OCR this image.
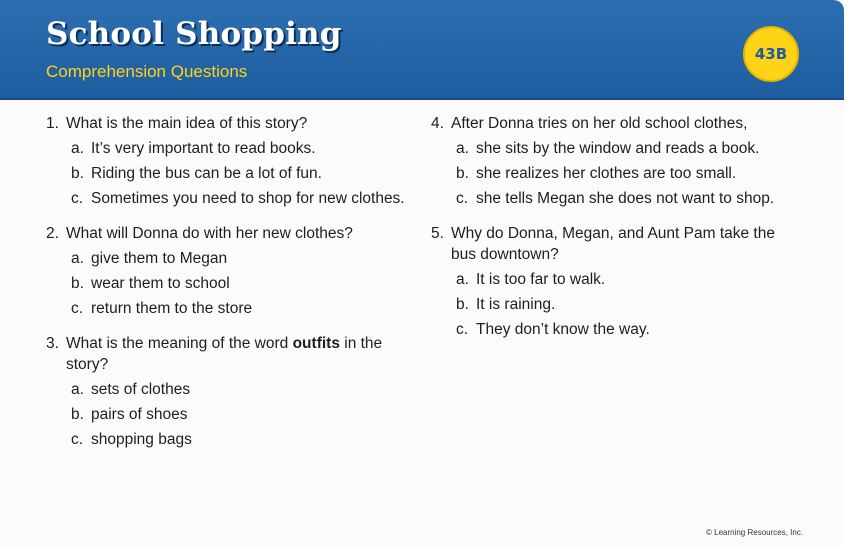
School Shopping
Comprehension Questions
43B
1. What is the main idea of this story?
a. It’s very important to read books.
b. Riding the bus can be a lot of fun.
c. Sometimes you need to shop for new clothes.
2. What will Donna do with her new clothes?
a. give them to Megan
b. wear them to school
c. return them to the store
3. What is the meaning of the word outfits in the story?
a. sets of clothes
b. pairs of shoes
c. shopping bags
4. After Donna tries on her old school clothes,
a. she sits by the window and reads a book.
b. she realizes her clothes are too small.
c. she tells Megan she does not want to shop.
5. Why do Donna, Megan, and Aunt Pam take the bus downtown?
a. It is too far to walk.
b. It is raining.
c. They don’t know the way.
© Learning Resources, Inc.
